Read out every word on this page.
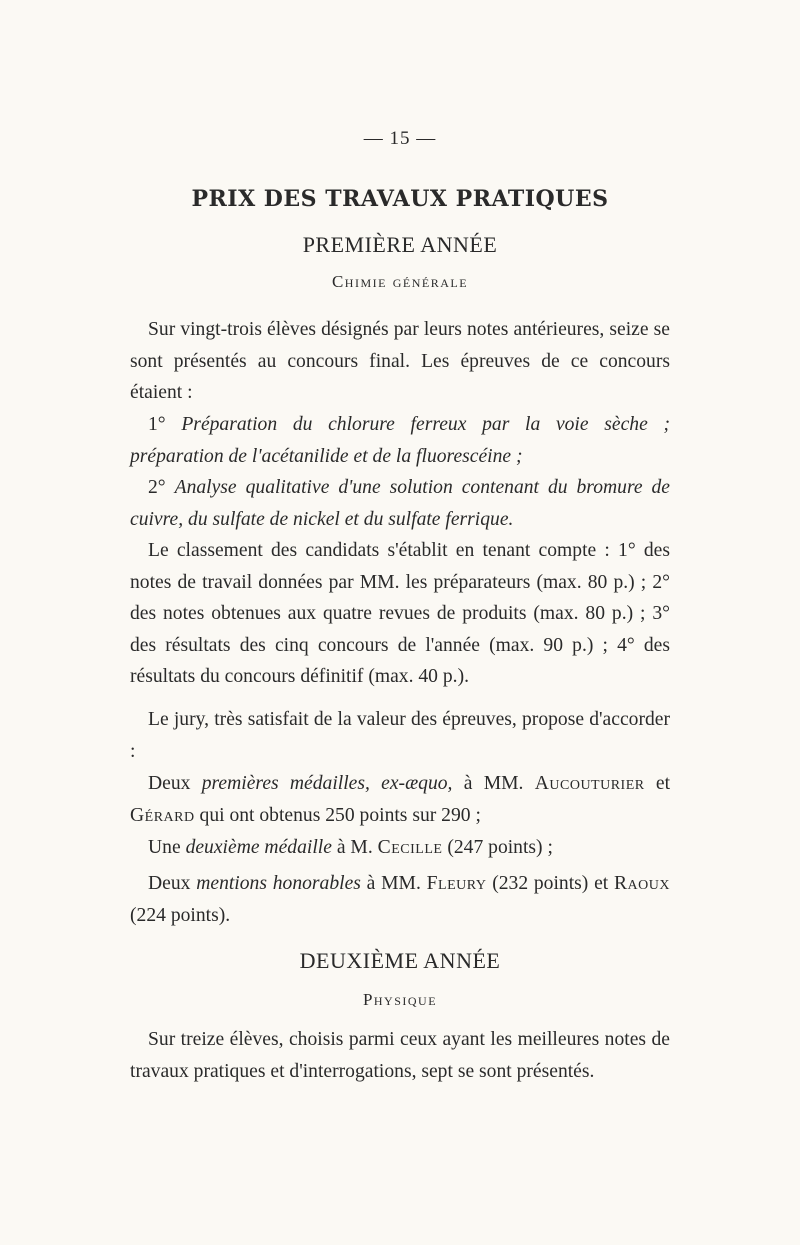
— 15 —
PRIX DES TRAVAUX PRATIQUES
PREMIÈRE ANNÉE
Chimie générale

Sur vingt-trois élèves désignés par leurs notes antérieures, seize se sont présentés au concours final. Les épreuves de ce concours étaient :

1° Préparation du chlorure ferreux par la voie sèche ; préparation de l'acétanilide et de la fluorescéine ;

2° Analyse qualitative d'une solution contenant du bromure de cuivre, du sulfate de nickel et du sulfate ferrique.

Le classement des candidats s'établit en tenant compte : 1° des notes de travail données par MM. les préparateurs (max. 80 p.) ; 2° des notes obtenues aux quatre revues de produits (max. 80 p.) ; 3° des résultats des cinq concours de l'année (max. 90 p.) ; 4° des résultats du concours définitif (max. 40 p.).

Le jury, très satisfait de la valeur des épreuves, propose d'accorder :

Deux premières médailles, ex-æquo, à MM. Aucouturier et Gérard qui ont obtenus 250 points sur 290 ;

Une deuxième médaille à M. Cecille (247 points) ;

Deux mentions honorables à MM. Fleury (232 points) et Raoux (224 points).

DEUXIÈME ANNÉE
Physique

Sur treize élèves, choisis parmi ceux ayant les meilleures notes de travaux pratiques et d'interrogations, sept se sont présentés.
